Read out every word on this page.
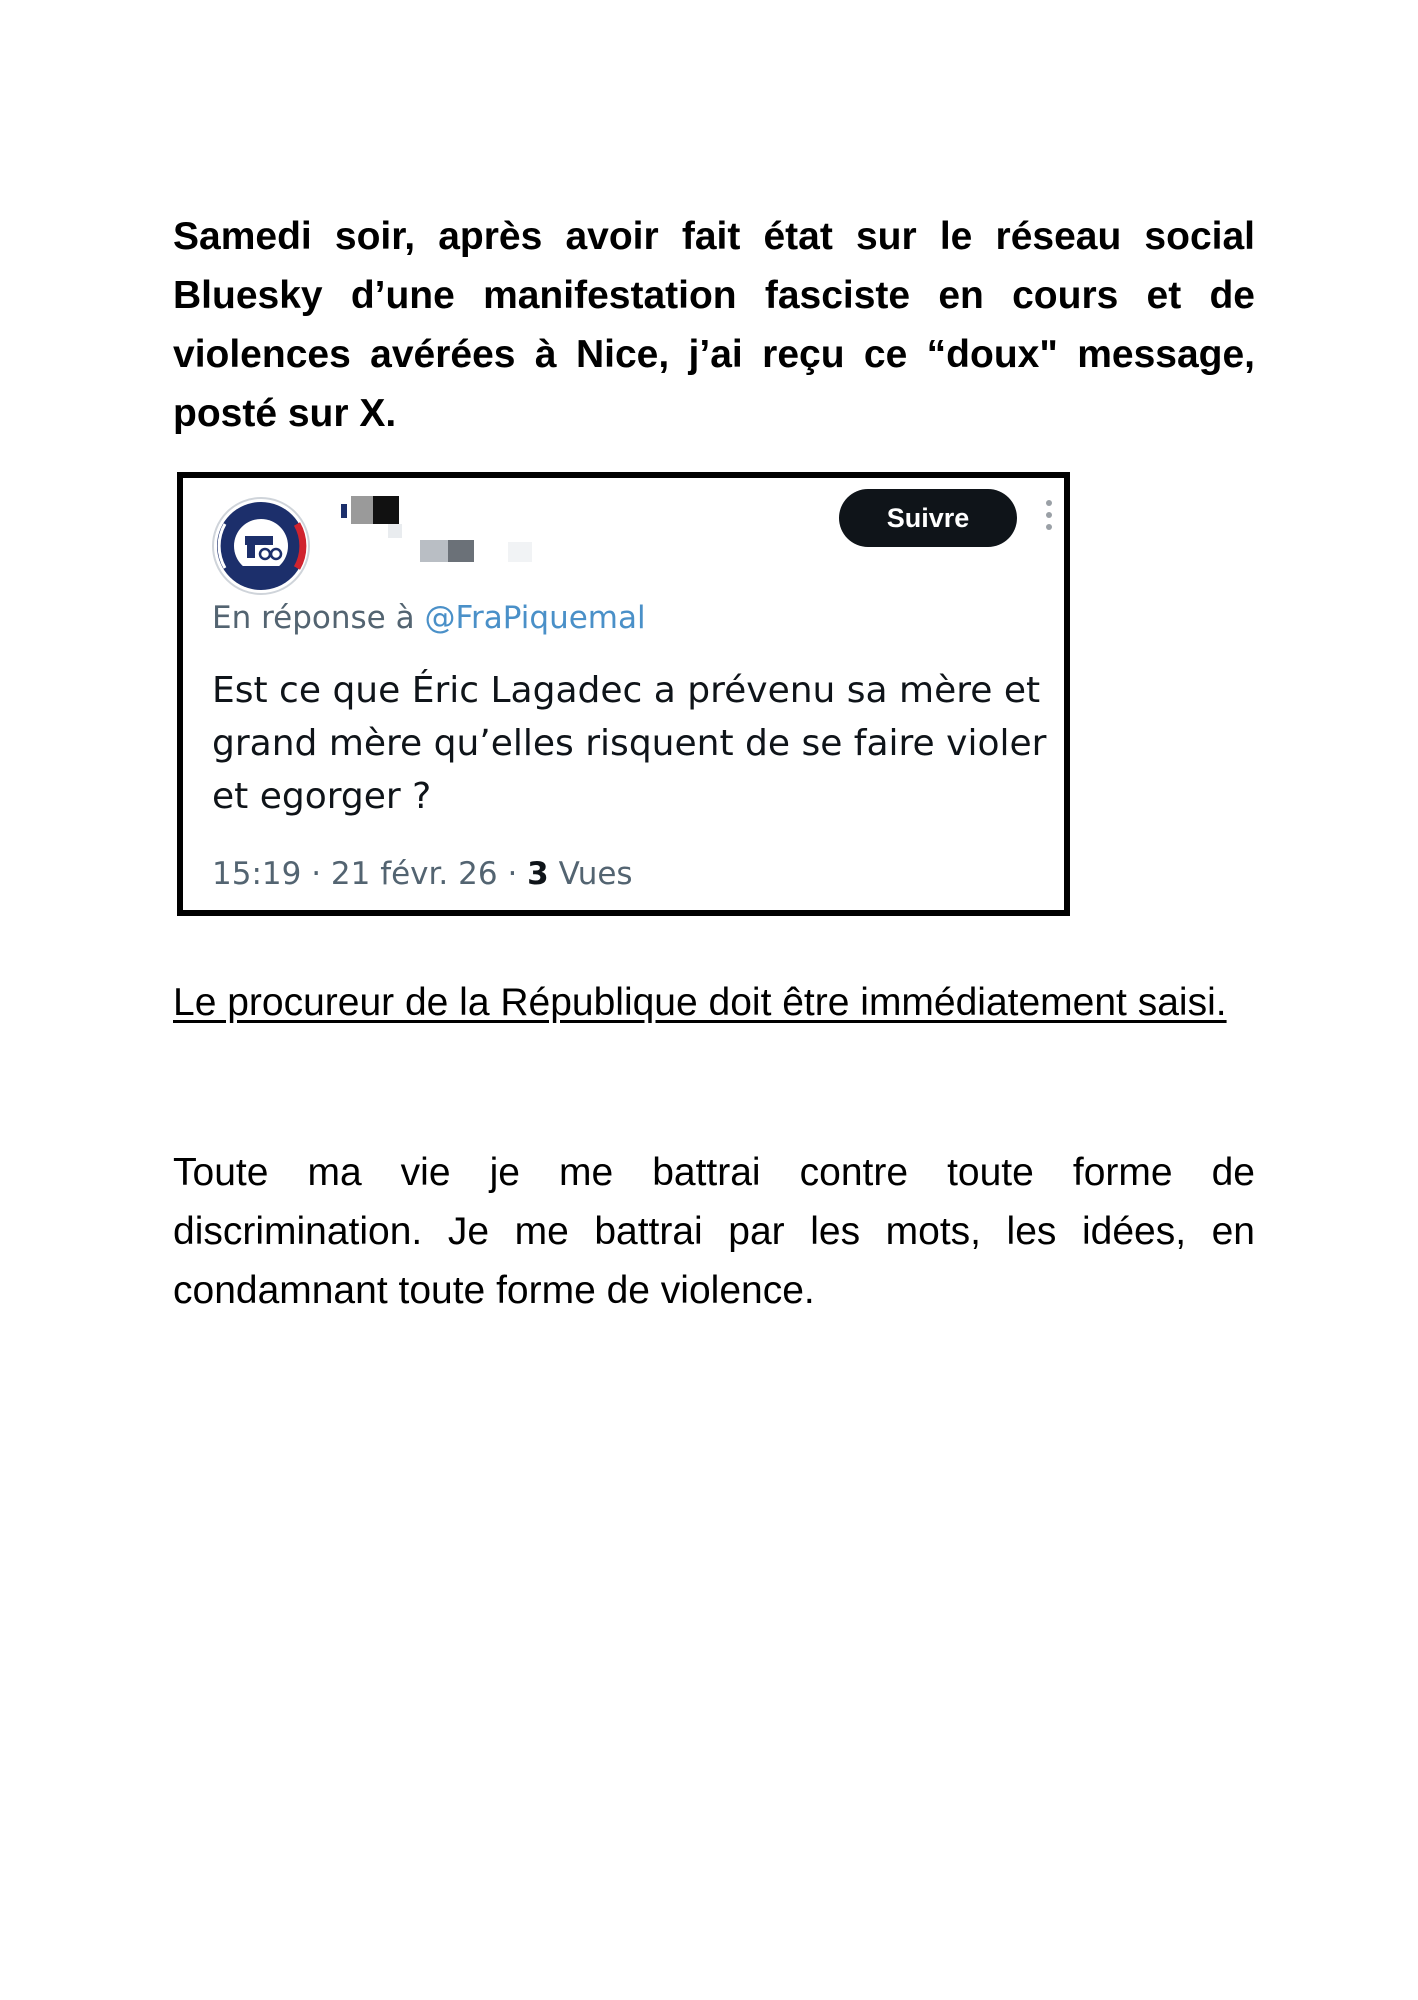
Samedi soir, après avoir fait état sur le réseau social Bluesky d’une manifestation fasciste en cours et de violences avérées à Nice, j’ai reçu ce “doux" message, posté sur X.

Suivre
En réponse à @FraPiquemal
Est ce que Éric Lagadec a prévenu sa mère et grand mère qu’elles risquent de se faire violer et egorger ?
15:19 · 21 févr. 26 · 3 Vues

Le procureur de la République doit être immédiatement saisi.

Toute ma vie je me battrai contre toute forme de discrimination. Je me battrai par les mots, les idées, en condamnant toute forme de violence.
